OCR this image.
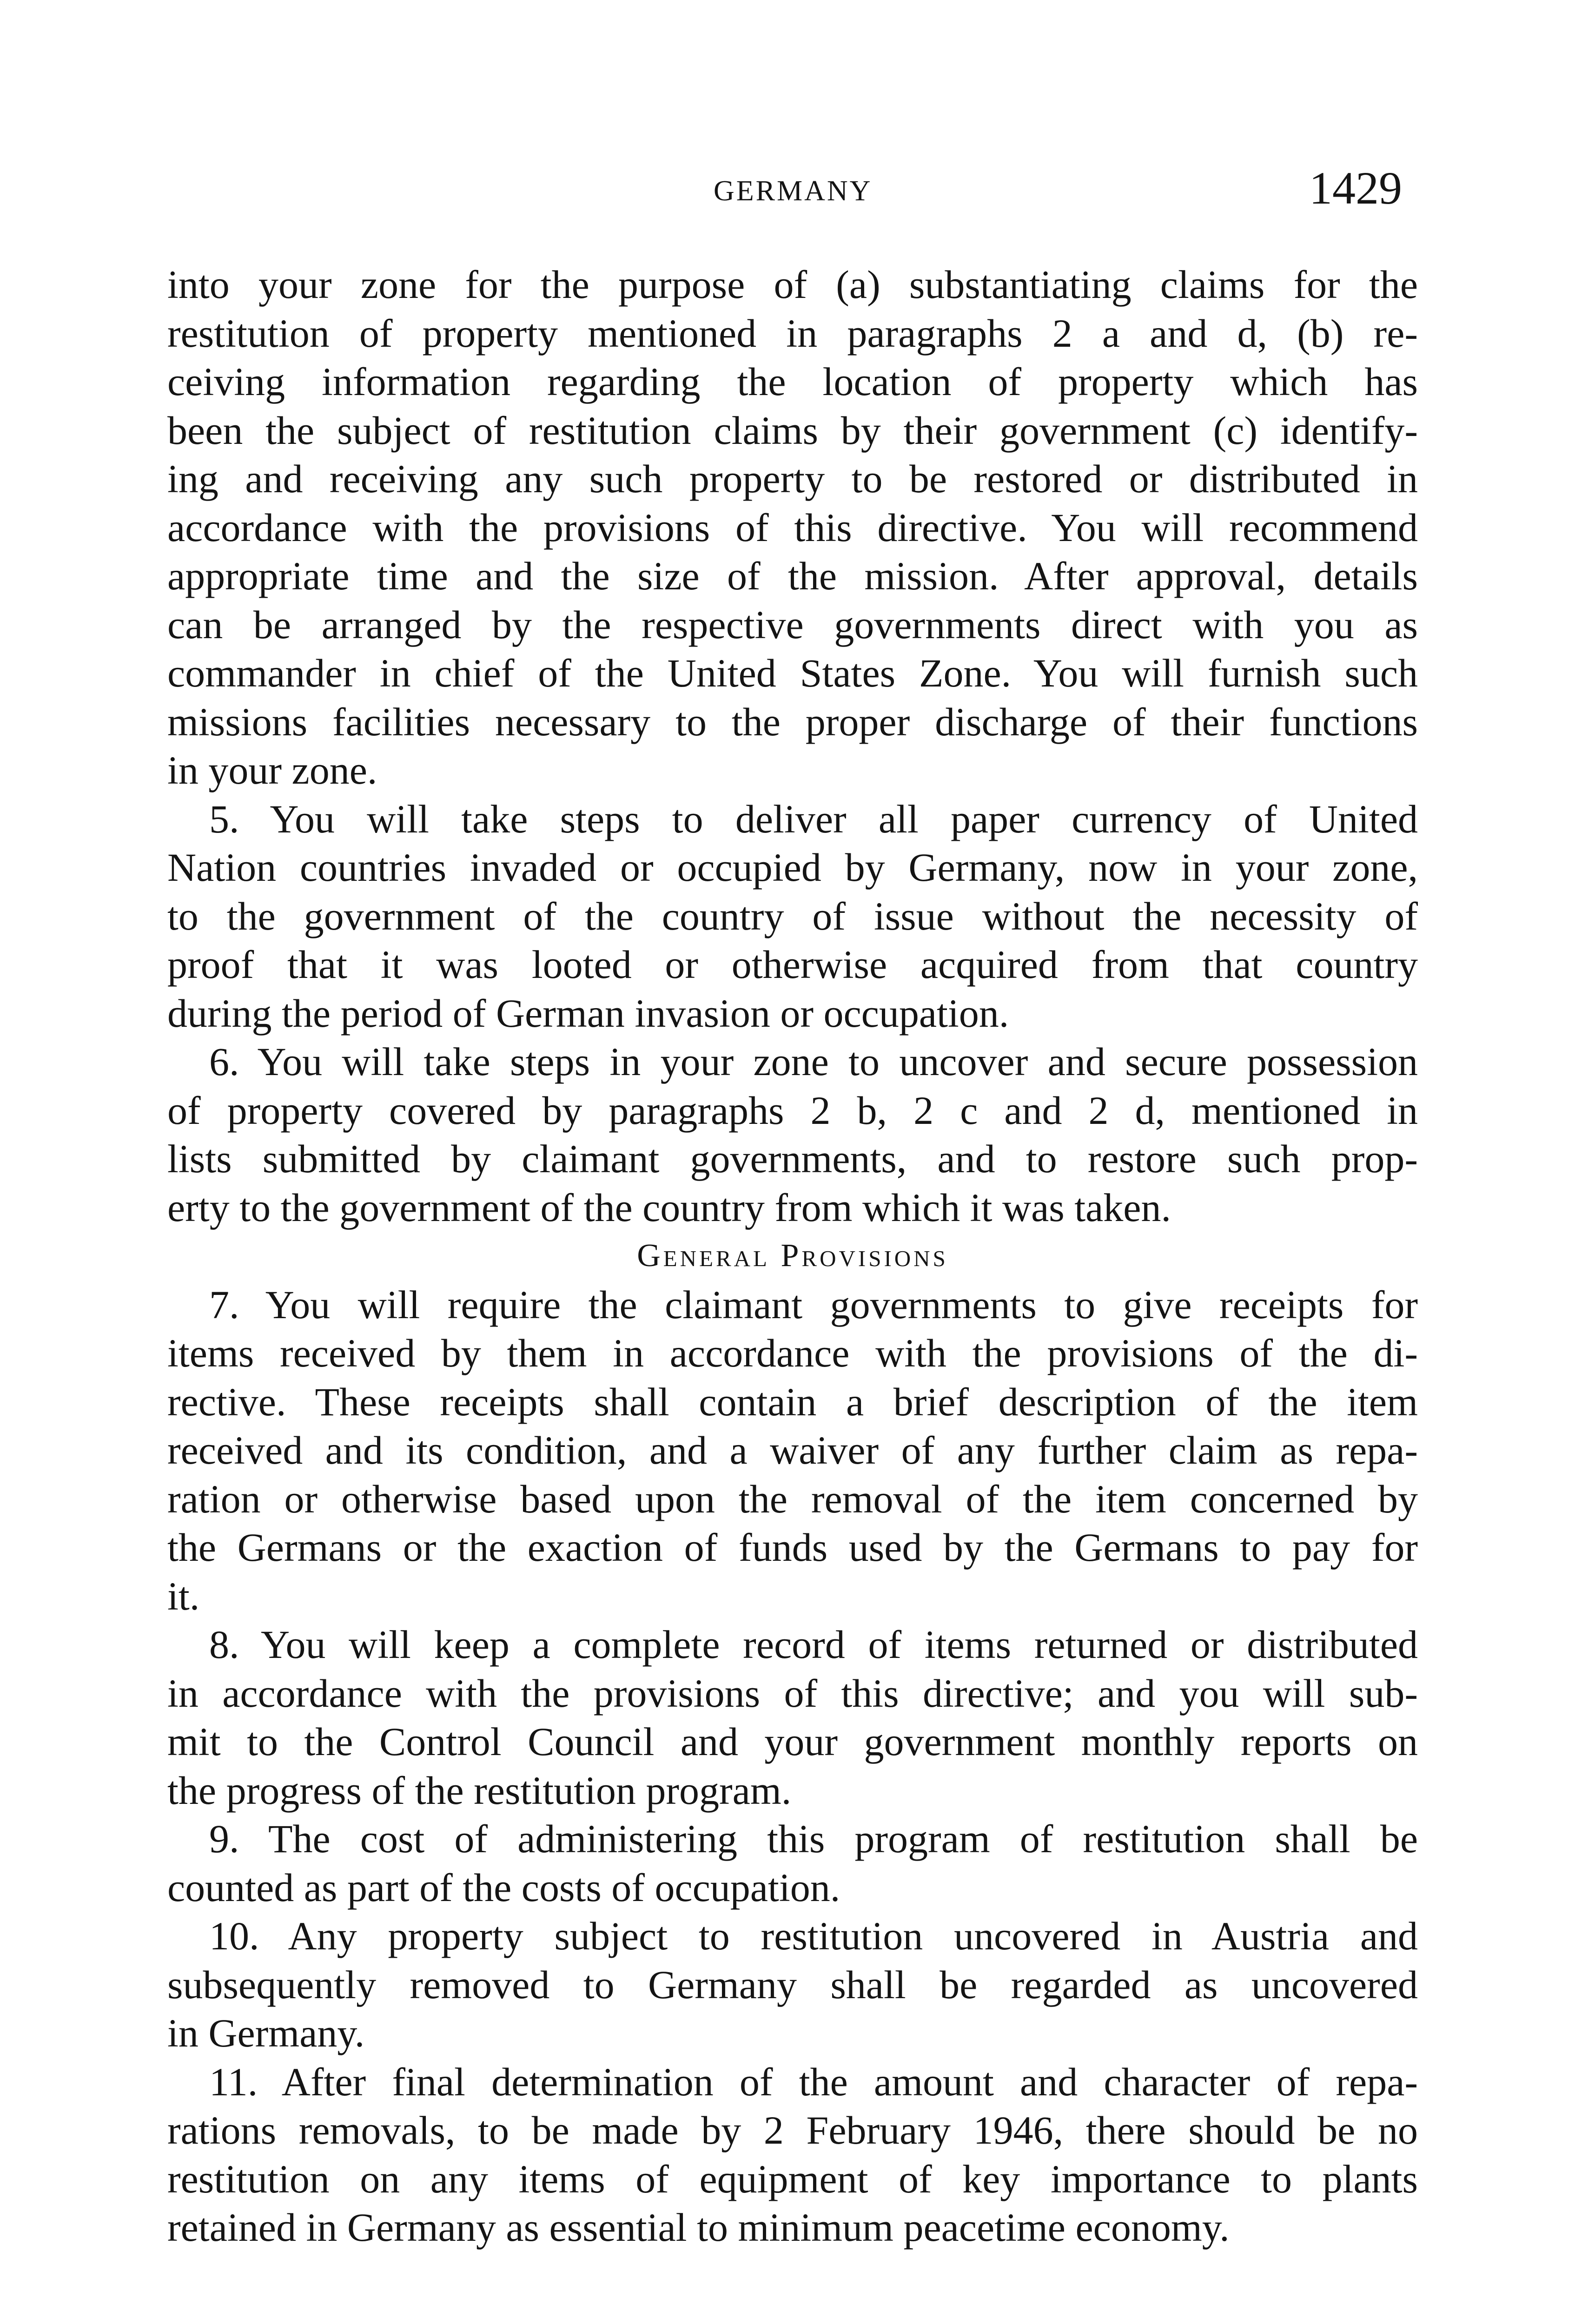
GERMANY	1429
into your zone for the purpose of (a) substantiating claims for the
restitution of property mentioned in paragraphs 2 a and d, (b) re-
ceiving information regarding the location of property which has
been the subject of restitution claims by their government (c) identify-
ing and receiving any such property to be restored or distributed in
accordance with the provisions of this directive. You will recommend
appropriate time and the size of the mission. After approval, details
can be arranged by the respective governments direct with you as
commander in chief of the United States Zone. You will furnish such
missions facilities necessary to the proper discharge of their functions
in your zone.
5. You will take steps to deliver all paper currency of United
Nation countries invaded or occupied by Germany, now in your zone,
to the government of the country of issue without the necessity of
proof that it was looted or otherwise acquired from that country
during the period of German invasion or occupation.
6. You will take steps in your zone to uncover and secure possession
of property covered by paragraphs 2 b, 2 c and 2 d, mentioned in
lists submitted by claimant governments, and to restore such prop-
erty to the government of the country from which it was taken.
General Provisions
7. You will require the claimant governments to give receipts for
items received by them in accordance with the provisions of the di-
rective. These receipts shall contain a brief description of the item
received and its condition, and a waiver of any further claim as repa-
ration or otherwise based upon the removal of the item concerned by
the Germans or the exaction of funds used by the Germans to pay for
it.
8. You will keep a complete record of items returned or distributed
in accordance with the provisions of this directive; and you will sub-
mit to the Control Council and your government monthly reports on
the progress of the restitution program.
9. The cost of administering this program of restitution shall be
counted as part of the costs of occupation.
10. Any property subject to restitution uncovered in Austria and
subsequently removed to Germany shall be regarded as uncovered
in Germany.
11. After final determination of the amount and character of repa-
rations removals, to be made by 2 February 1946, there should be no
restitution on any items of equipment of key importance to plants
retained in Germany as essential to minimum peacetime economy.
